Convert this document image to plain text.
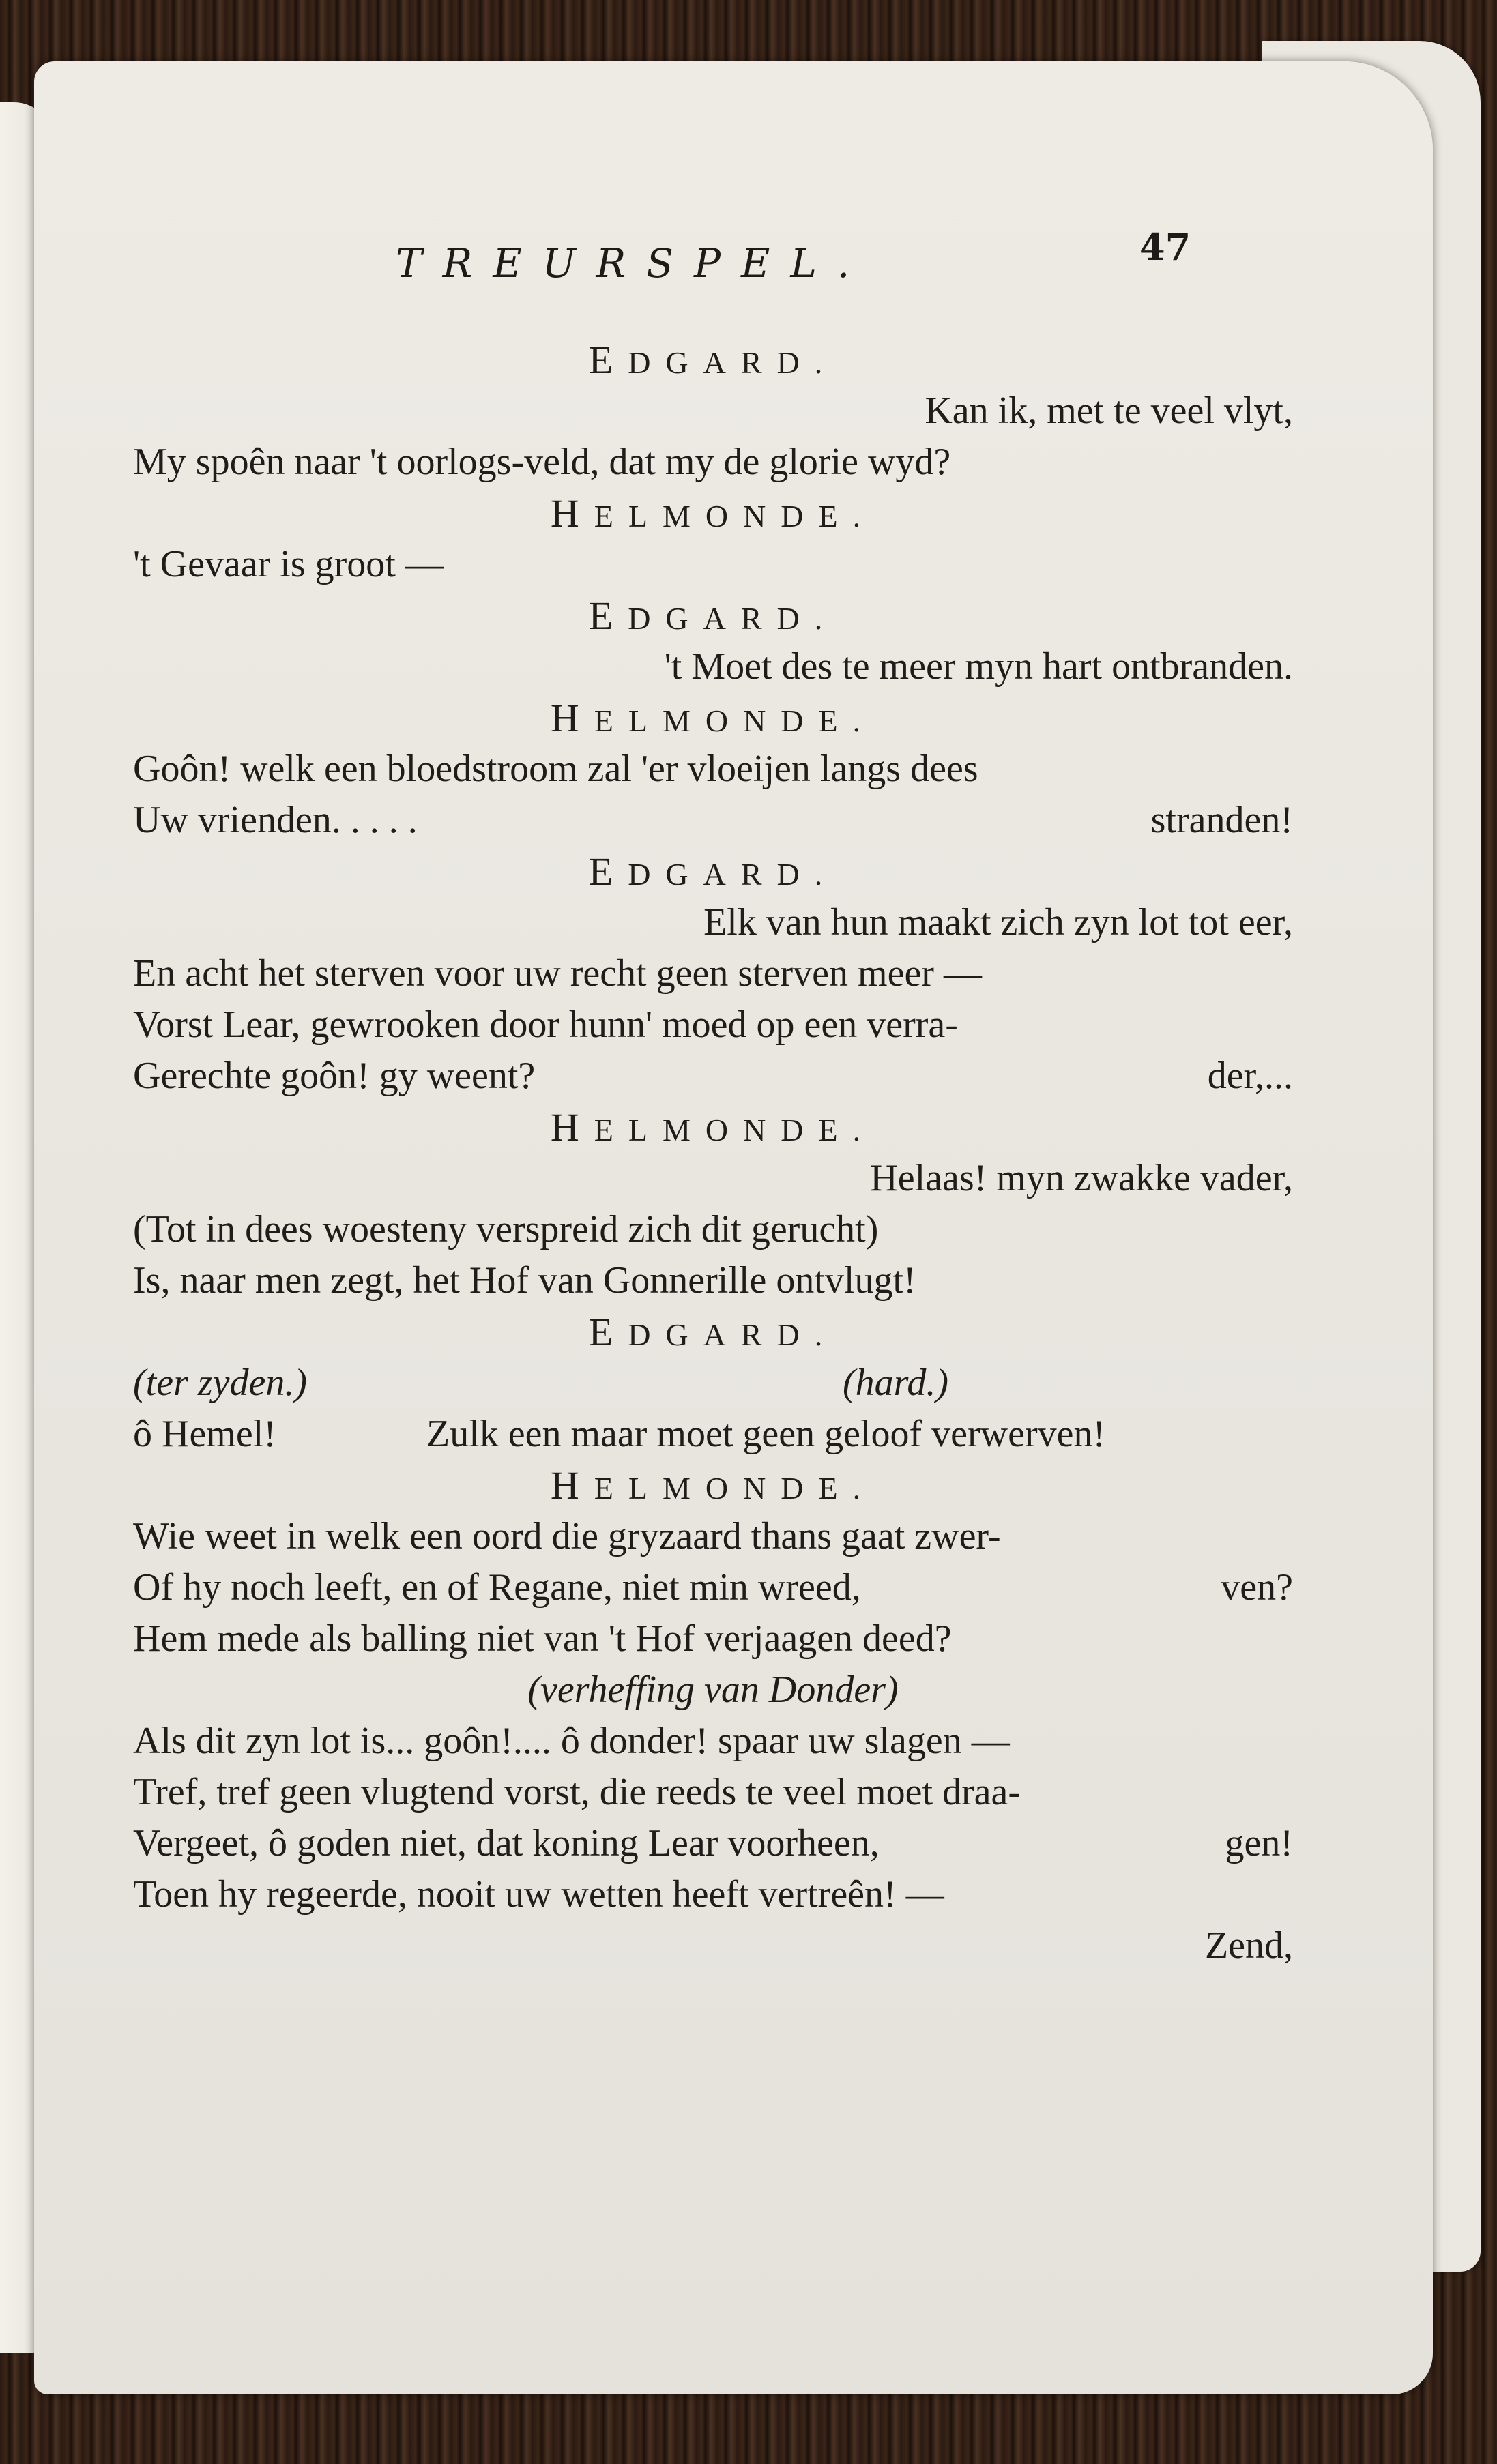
TREURSPEL.	47
EDGARD.
Kan ik, met te veel vlyt,
My spoên naar 't oorlogs-veld, dat my de glorie wyd?
HELMONDE.
't Gevaar is groot —
EDGARD.
't Moet des te meer myn hart ontbranden.
HELMONDE.
Goôn! welk een bloedstroom zal 'er vloeijen langs dees
Uw vrienden. . . . .	stranden!
EDGARD.
Elk van hun maakt zich zyn lot tot eer,
En acht het sterven voor uw recht geen sterven meer —
Vorst Lear, gewrooken door hunn' moed op een verra-
Gerechte goôn! gy weent?	der,...
HELMONDE.
Helaas! myn zwakke vader,
(Tot in dees woesteny verspreid zich dit gerucht)
Is, naar men zegt, het Hof van Gonnerille ontvlugt!
EDGARD.
(ter zyden.)	(hard.)
ô Hemel!	Zulk een maar moet geen geloof verwerven!
HELMONDE.
Wie weet in welk een oord die gryzaard thans gaat zwer-
Of hy noch leeft, en of Regane, niet min wreed,	ven?
Hem mede als balling niet van 't Hof verjaagen deed?
(verheffing van Donder)
Als dit zyn lot is... goôn!.... ô donder! spaar uw slagen —
Tref, tref geen vlugtend vorst, die reeds te veel moet draa-
Vergeet, ô goden niet, dat koning Lear voorheen,	gen!
Toen hy regeerde, nooit uw wetten heeft vertreên! —
Zend,
